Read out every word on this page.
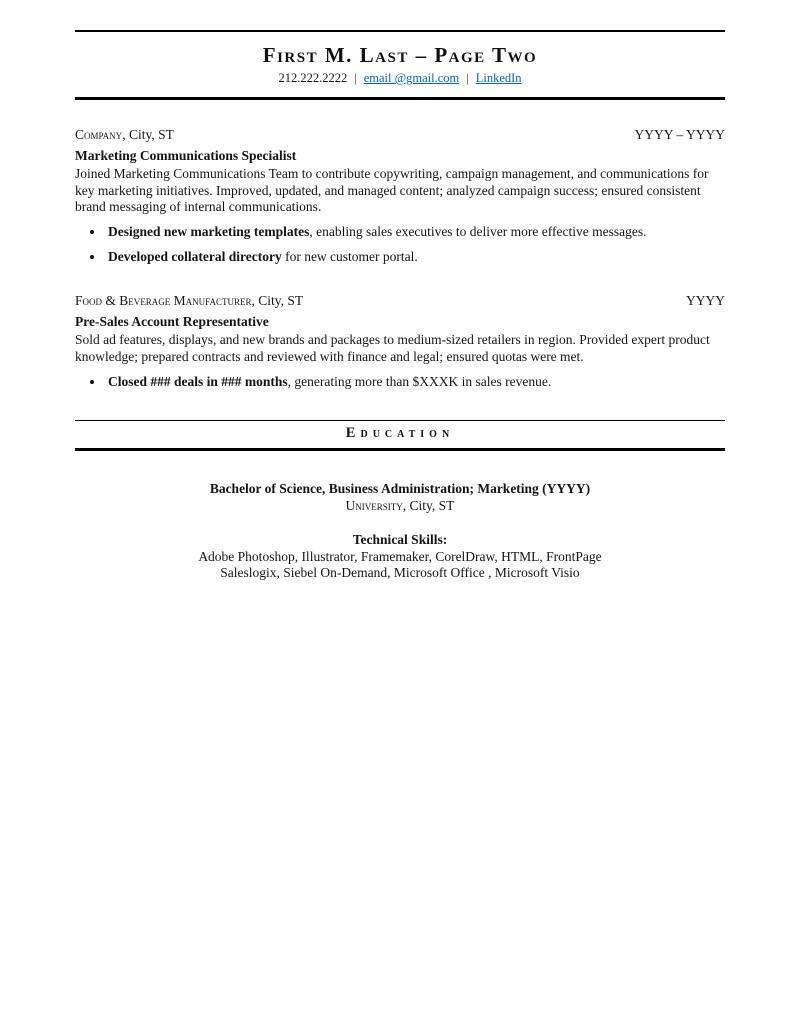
First M. Last – Page Two
212.222.2222 | email @gmail.com | LinkedIn
Company, City, ST	YYYY – YYYY
Marketing Communications Specialist

Joined Marketing Communications Team to contribute copywriting, campaign management, and communications for key marketing initiatives. Improved, updated, and managed content; analyzed campaign success; ensured consistent brand messaging of internal communications.

• Designed new marketing templates, enabling sales executives to deliver more effective messages.
• Developed collateral directory for new customer portal.
Food & Beverage Manufacturer, City, ST	YYYY
Pre-Sales Account Representative

Sold ad features, displays, and new brands and packages to medium-sized retailers in region. Provided expert product knowledge; prepared contracts and reviewed with finance and legal; ensured quotas were met.

• Closed ### deals in ### months, generating more than $XXXK in sales revenue.
Education
Bachelor of Science, Business Administration; Marketing (YYYY)
University, City, ST
Technical Skills:
Adobe Photoshop, Illustrator, Framemaker, CorelDraw, HTML, FrontPage
Saleslogix, Siebel On-Demand, Microsoft Office , Microsoft Visio
